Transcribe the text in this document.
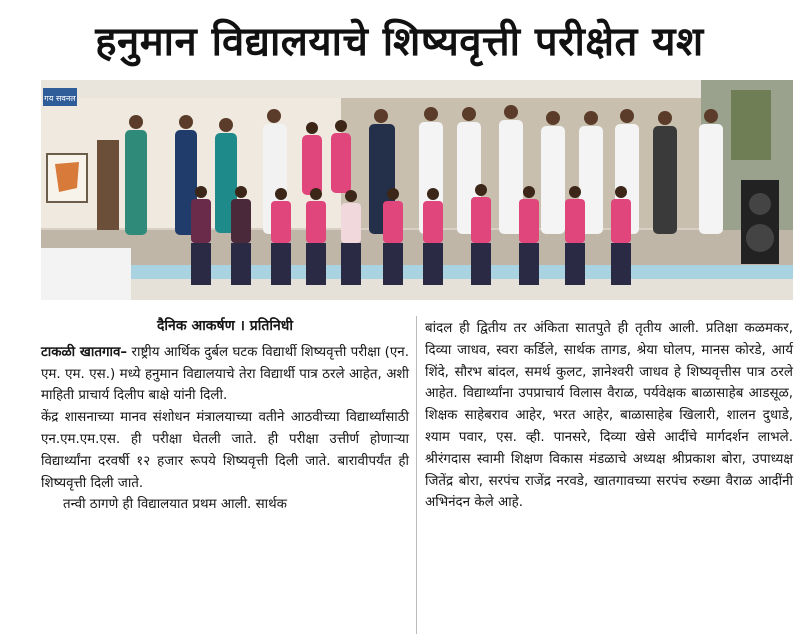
हनुमान विद्यालयाचे शिष्यवृत्ती परीक्षेत यश
गय सवनल

दैनिक आकर्षण । प्रतिनिधी

टाकळी खातगाव– राष्ट्रीय आर्थिक दुर्बल घटक विद्यार्थी शिष्यवृत्ती परीक्षा (एन. एम. एम. एस.) मध्ये हनुमान विद्यालयाचे तेरा विद्यार्थी पात्र ठरले आहेत, अशी माहिती प्राचार्य दिलीप बाक्षे यांनी दिली.

केंद्र शासनाच्या मानव संशोधन मंत्रालयाच्या वतीने आठवीच्या विद्यार्थ्यांसाठी एन.एम.एम.एस. ही परीक्षा घेतली जाते. ही परीक्षा उत्तीर्ण होणाऱ्या विद्यार्थ्यांना दरवर्षी १२ हजार रूपये शिष्यवृत्ती दिली जाते. बारावीपर्यंत ही शिष्यवृत्ती दिली जाते.

तन्वी ठागणे ही विद्यालयात प्रथम आली. सार्थक

बांदल ही द्वितीय तर अंकिता सातपुते ही तृतीय आली. प्रतिक्षा कळमकर, दिव्या जाधव, स्वरा कर्डिले, सार्थक तागड, श्रेया घोलप, मानस कोरडे, आर्य शिंदे, सौरभ बांदल, समर्थ कुलट, ज्ञानेश्वरी जाधव हे शिष्यवृत्तीस पात्र ठरले आहेत. विद्यार्थ्यांना उपप्राचार्य विलास वैराळ, पर्यवेक्षक बाळासाहेब आडसूळ, शिक्षक साहेबराव आहेर, भरत आहेर, बाळासाहेब खिलारी, शालन दुधाडे, श्याम पवार, एस. व्ही. पानसरे, दिव्या खेसे आदींचे मार्गदर्शन लाभले. श्रीरंगदास स्वामी शिक्षण विकास मंडळाचे अध्यक्ष श्रीप्रकाश बोरा, उपाध्यक्ष जितेंद्र बोरा, सरपंच राजेंद्र नरवडे, खातगावच्या सरपंच रुख्मा वैराळ आदींनी अभिनंदन केले आहे.
